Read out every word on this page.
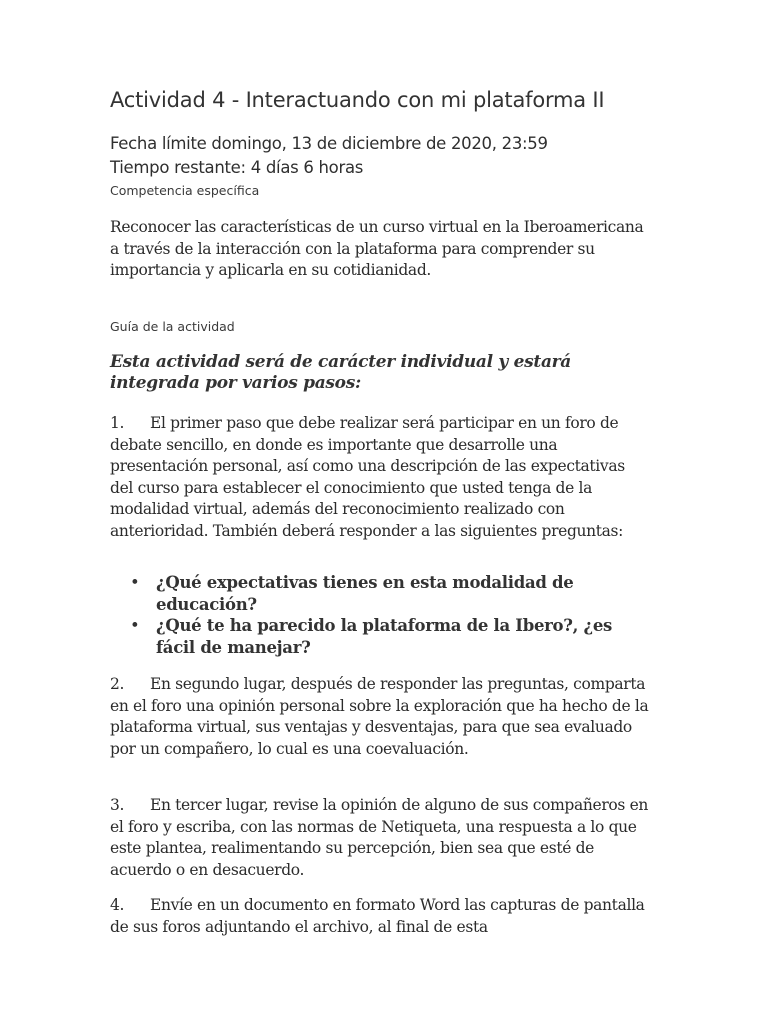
Actividad 4 - Interactuando con mi plataforma II
Fecha límite domingo, 13 de diciembre de 2020, 23:59
Tiempo restante: 4 días 6 horas
Competencia específica
Reconocer las características de un curso virtual en la Iberoamericana a través de la interacción con la plataforma para comprender su importancia y aplicarla en su cotidianidad.
Guía de la actividad
Esta actividad será de carácter individual y estará integrada por varios pasos:
1. El primer paso que debe realizar será participar en un foro de debate sencillo, en donde es importante que desarrolle una presentación personal, así como una descripción de las expectativas del curso para establecer el conocimiento que usted tenga de la modalidad virtual, además del reconocimiento realizado con anterioridad. También deberá responder a las siguientes preguntas:
• ¿Qué expectativas tienes en esta modalidad de educación?
• ¿Qué te ha parecido la plataforma de la Ibero?, ¿es fácil de manejar?
2. En segundo lugar, después de responder las preguntas, comparta en el foro una opinión personal sobre la exploración que ha hecho de la plataforma virtual, sus ventajas y desventajas, para que sea evaluado por un compañero, lo cual es una coevaluación.
3. En tercer lugar, revise la opinión de alguno de sus compañeros en el foro y escriba, con las normas de Netiqueta, una respuesta a lo que este plantea, realimentando su percepción, bien sea que esté de acuerdo o en desacuerdo.
4. Envíe en un documento en formato Word las capturas de pantalla de sus foros adjuntando el archivo, al final de esta
